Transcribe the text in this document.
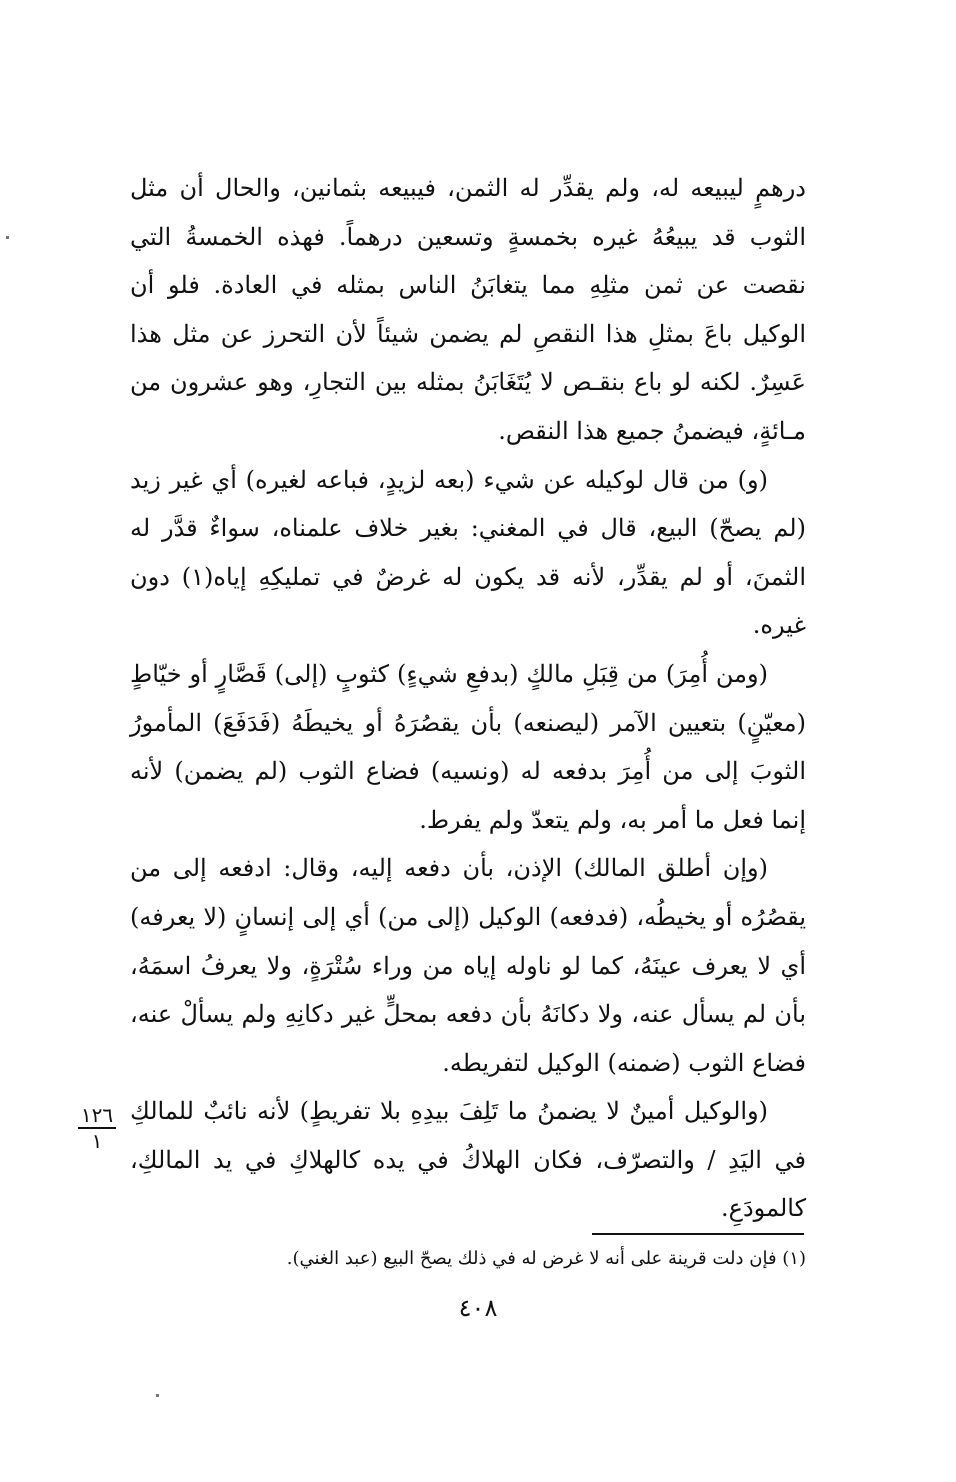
درهمٍ ليبيعه له، ولم يقدِّر له الثمن، فيبيعه بثمانين، والحال أن مثل الثوب قد يبيعُهُ غيره بخمسةٍ وتسعين درهماً. فهذه الخمسةُ التي نقصت عن ثمن مثلِهِ مما يتغابَنُ الناس بمثله في العادة. فلو أن الوكيل باعَ بمثلِ هذا النقصِ لم يضمن شيئاً لأن التحرز عن مثل هذا عَسِرٌ. لكنه لو باع بنقـص لا يُتَغَابَنُ بمثله بين التجارِ، وهو عشرون من مـائةٍ، فيضمنُ جميع هذا النقص.

(و) من قال لوكيله عن شيء (بعه لزيدٍ، فباعه لغيره) أي غير زيد (لم يصحّ) البيع، قال في المغني: بغير خلاف علمناه، سواءٌ قدَّر له الثمنَ، أو لم يقدِّر، لأنه قد يكون له غرضٌ في تمليكِهِ إياه(١) دون غيره.

(ومن أُمِرَ) من قِبَلِ مالكٍ (بدفعِ شيءٍ) كثوبٍ (إلى) قَصَّارٍ أو خيّاطٍ (معيّنٍ) بتعيين الآمر (ليصنعه) بأن يقصُرَهُ أو يخيطَهُ (فَدَفَعَ) المأمورُ الثوبَ إلى من أُمِرَ بدفعه له (ونسيه) فضاع الثوب (لم يضمن) لأنه إنما فعل ما أمر به، ولم يتعدّ ولم يفرط.

(وإن أطلق المالك) الإذن، بأن دفعه إليه، وقال: ادفعه إلى من يقصُرُه أو يخيطُه، (فدفعه) الوكيل (إلى من) أي إلى إنسانٍ (لا يعرفه) أي لا يعرف عينَهُ، كما لو ناوله إياه من وراء سُتْرَةٍ، ولا يعرفُ اسمَهُ، بأن لم يسأل عنه، ولا دكانَهُ بأن دفعه بمحلٍّ غير دكانِهِ ولم يسألْ عنه، فضاع الثوب (ضمنه) الوكيل لتفريطه.

(والوكيل أمينٌ لا يضمنُ ما تَلِفَ بيدِهِ بلا تفريطٍ) لأنه نائبٌ للمالكِ في اليَدِ / والتصرّف، فكان الهلاكُ في يده كالهلاكِ في يد المالكِ، كالمودَعِ.

١٢٦
١
(١) فإن دلت قرينة على أنه لا غرض له في ذلك يصحّ البيع (عبد الغني).
٤٠٨
